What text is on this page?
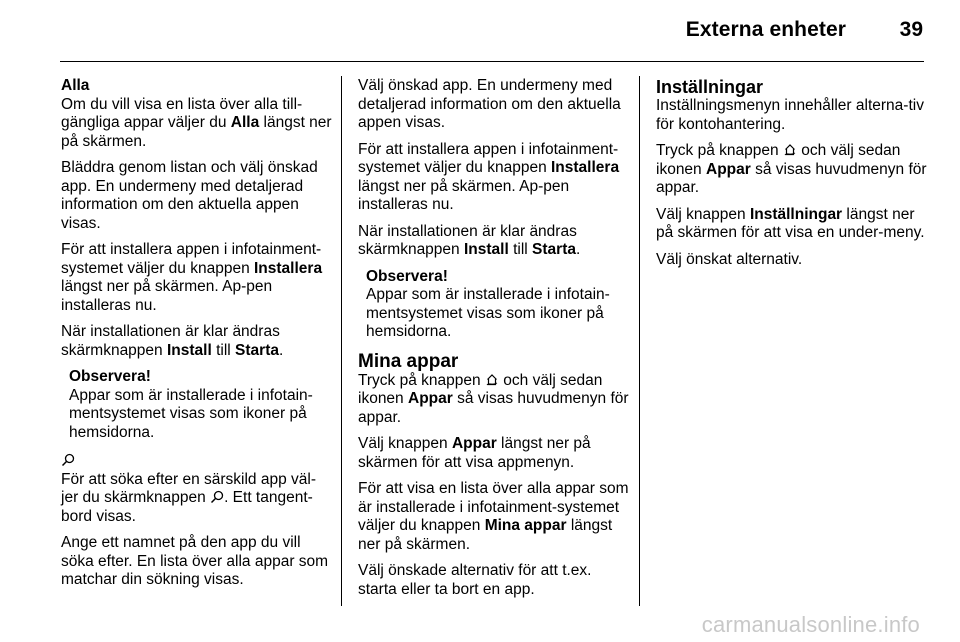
Externa enheter	39

Alla
Om du vill visa en lista över alla till-gängliga appar väljer du Alla längst ner på skärmen.

Bläddra genom listan och välj önskad app. En undermeny med detaljerad information om den aktuella appen visas.

För att installera appen i infotainment-systemet väljer du knappen Installera längst ner på skärmen. Ap-pen installeras nu.

När installationen är klar ändras skärmknappen Install till Starta.

Observera!
Appar som är installerade i infotain-mentsystemet visas som ikoner på hemsidorna.

För att söka efter en särskild app väl-jer du skärmknappen . Ett tangent-bord visas.

Ange ett namnet på den app du vill söka efter. En lista över alla appar som matchar din sökning visas.

Välj önskad app. En undermeny med detaljerad information om den aktuella appen visas.

För att installera appen i infotainment-systemet väljer du knappen Installera längst ner på skärmen. Ap-pen installeras nu.

När installationen är klar ändras skärmknappen Install till Starta.

Observera!
Appar som är installerade i infotain-mentsystemet visas som ikoner på hemsidorna.

Mina appar
Tryck på knappen och välj sedan ikonen Appar så visas huvudmenyn för appar.

Välj knappen Appar längst ner på skärmen för att visa appmenyn.

För att visa en lista över alla appar som är installerade i infotainment-systemet väljer du knappen Mina appar längst ner på skärmen.

Välj önskade alternativ för att t.ex. starta eller ta bort en app.

Inställningar
Inställningsmenyn innehåller alterna-tiv för kontohantering.

Tryck på knappen och välj sedan ikonen Appar så visas huvudmenyn för appar.

Välj knappen Inställningar längst ner på skärmen för att visa en under-meny.

Välj önskat alternativ.

carmanualsonline.info
